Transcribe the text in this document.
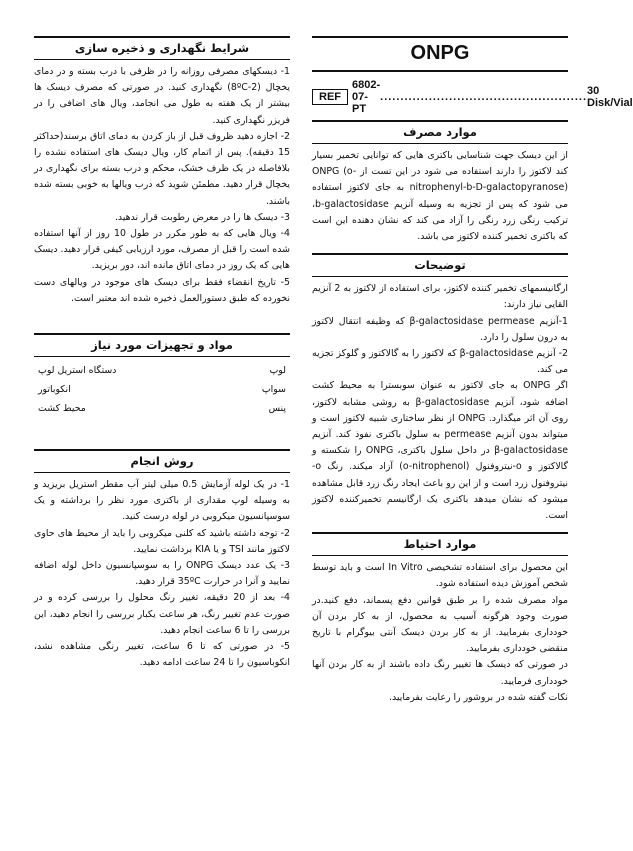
شرایط نگهداری و ذخیره سازی

1- دیسکهای مصرفی روزانه را در ظرفی با درب بسته و در دمای یخچال (2-8ºC) نگهداری کنید. در صورتی که مصرف دیسک ها بیشتر از یک هفته به طول می انجامد، ویال های اضافی را در فریزر نگهداری کنید.

2- اجازه دهید ظروف قبل از باز کردن به دمای اتاق برسند(حداکثر 15 دقیقه). پس از اتمام کار، ویال دیسک های استفاده نشده را بلافاصله در یک ظرف خشک، محکم و درب بسته برای نگهداری در یخچال قرار دهید. مطمئن شوید که درب ویالها به خوبی بسته شده باشند.

3- دیسک ها را در معرض رطوبت قرار ندهید.

4- ویال هایی که به طور مکرر در طول 10 روز از آنها استفاده شده است را قبل از مصرف، مورد ارزیابی کیفی قرار دهید. دیسک هایی که یک روز در دمای اتاق مانده اند، دور بریزید.

5- تاریخ انقضاء فقط برای دیسک های موجود در ویالهای دست نخورده که طبق دستورالعمل ذخیره شده اند معتبر است.

مواد و تجهیزات مورد نیاز
لوپ	دستگاه استریل لوپ
سواپ	انکوباتور
پنس	محیط کشت
روش انجام

1- در یک لوله آزمایش 0.5 میلی لیتر آب مقطر استریل بریزید و به وسیله لوپ مقداری از باکتری مورد نظر را برداشته و یک سوسپانسیون میکروبی در لوله درست کنید.

2- توجه داشته باشید که کلنی میکروبی را باید از محیط های حاوی لاکتوز مانند TSI و یا KIA برداشت نمایید.

3- یک عدد دیسک ONPG را به سوسپانسیون داخل لوله اضافه نمایید و آنرا در حرارت 35ºC قرار دهید.

4- بعد از 20 دقیقه، تغییر رنگ محلول را بررسی کرده و در صورت عدم تغییر رنگ، هر ساعت یکبار بررسی را انجام دهید، این بررسی را تا 6 ساعت انجام دهید.

5- در صورتی که تا 6 ساعت، تغییر رنگی مشاهده نشد، انکوباسیون را تا 24 ساعت ادامه دهید.

ONPG
REF
6802-07-PT
................................................... 30 Disk/Vial
موارد مصرف

از این دیسک جهت شناسایی باکتری هایی که توانایی تخمیر بسیار کند لاکتوز را دارند استفاده می شود در این تست از ONPG (o-nitrophenyl-b-D-galactopyranose) به جای لاکتوز استفاده می شود که پس از تجزیه به وسیله آنزیم b-galactosidase، ترکیب رنگی زرد رنگی را آزاد می کند که نشان دهنده این است که باکتری تخمیر کننده لاکتوز می باشد.

توضیحات

ارگانیسمهای تخمیر کننده لاکتوز، برای استفاده از لاکتوز به 2 آنزیم القایی نیاز دارند:

1-آنزیم β-galactosidase permease که وظیفه انتقال لاکتوز به درون سلول را دارد.

2- آنزیم β-galactosidase که لاکتوز را به گالاکتوز و گلوکز تجزیه می کند.

اگر ONPG به جای لاکتوز به عنوان سوبسترا به محیط کشت اضافه شود، آنزیم β-galactosidase به روشی مشابه لاکتوز، روی آن اثر میگذارد. ONPG از نظر ساختاری شبیه لاکتوز است و میتواند بدون آنزیم permease به سلول باکتری نفوذ کند. آنزیم β-galactosidase در داخل سلول باکتری، ONPG را شکسته و گالاکتوز و o-نیتروفنول (o-nitrophenol) آزاد میکند. رنگ o-نیتروفنول زرد است و از این رو باعث ایجاد رنگ زرد قابل مشاهده میشود که نشان میدهد باکتری یک ارگانیسم تخمیرکننده لاکتوز است.

موارد احتیاط

این محصول برای استفاده تشخیصی In Vitro است و باید توسط شخص آموزش دیده استفاده شود.

مواد مصرف شده را بر طبق قوانین دفع پسماند، دفع کنید.در صورت وجود هرگونه آسیب به محصول، از به کار بردن آن خودداری بفرمایید. از به کار بردن دیسک آنتی بیوگرام با تاریخ منقضی خودداری بفرمایید.

در صورتی که دیسک ها تغییر رنگ داده باشند از به کار بردن آنها خودداری فرمایید.

نکات گفته شده در بروشور را رعایت بفرمایید.
